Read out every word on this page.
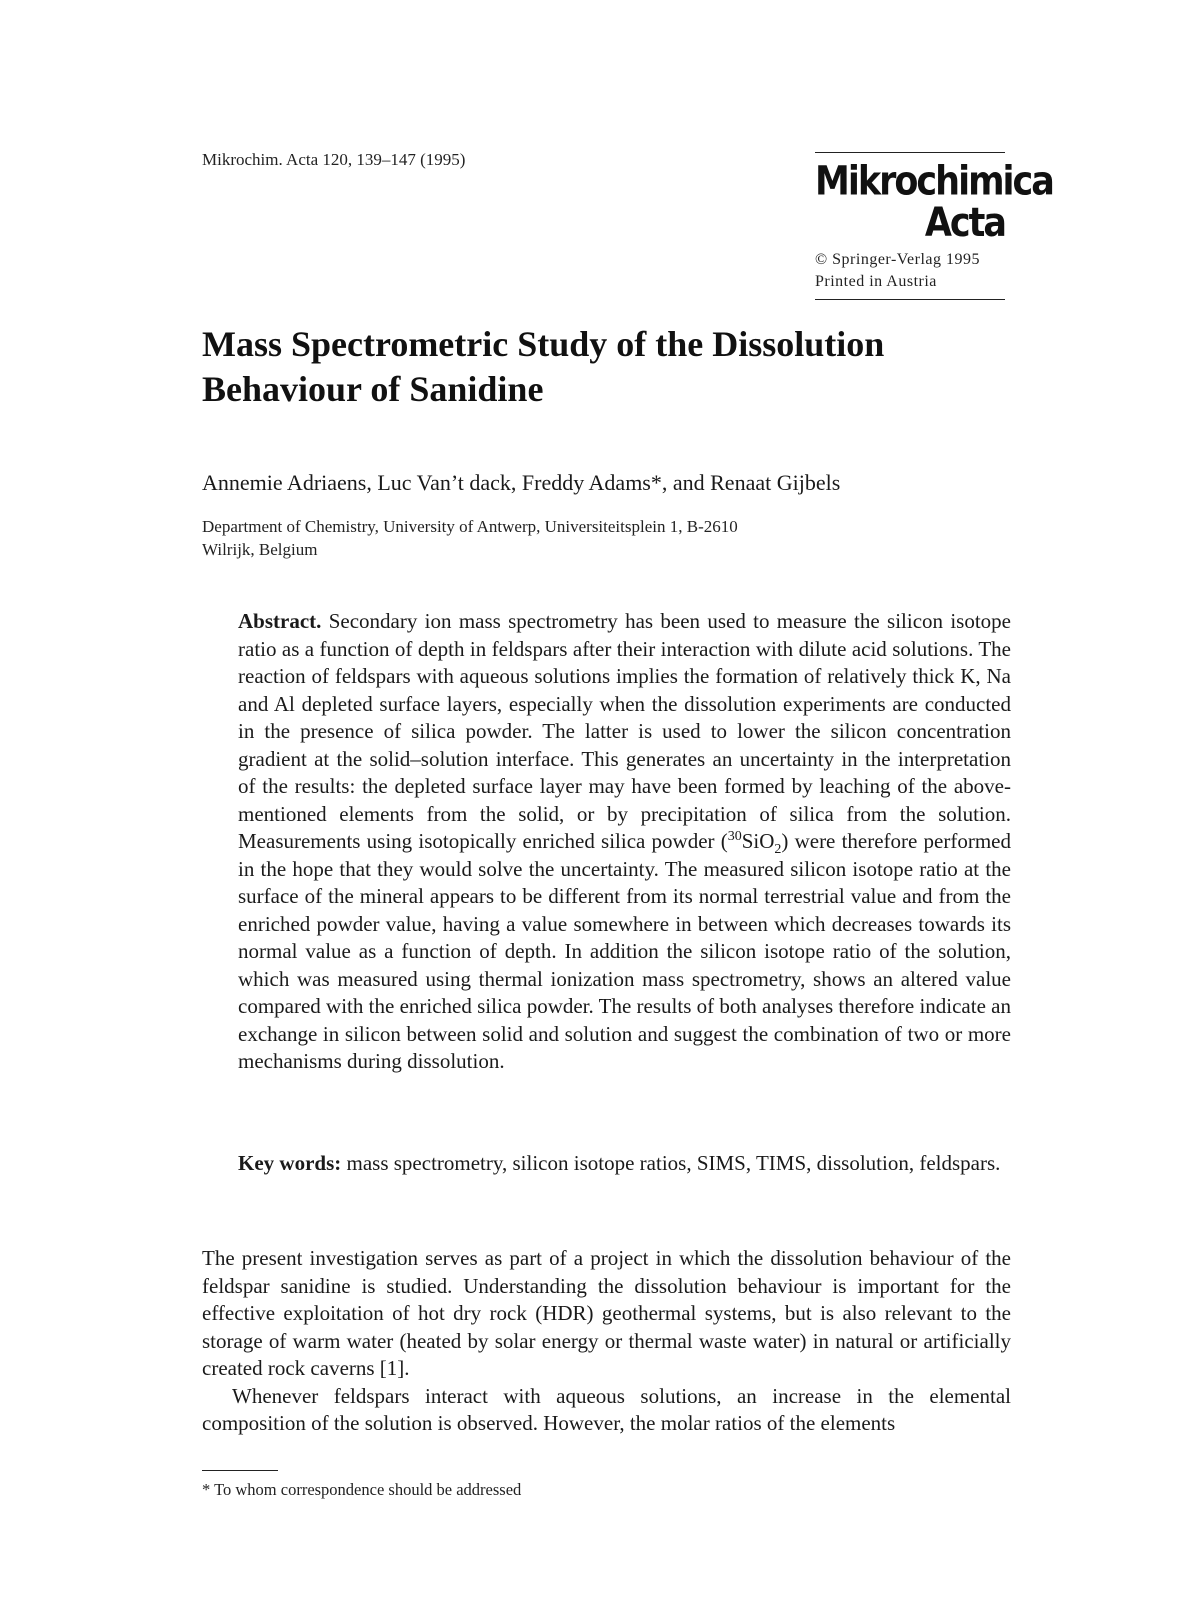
Mikrochim. Acta 120, 139–147 (1995)	Mikrochimica
Acta
© Springer-Verlag 1995
Printed in Austria
Mass Spectrometric Study of the Dissolution
Behaviour of Sanidine
Annemie Adriaens, Luc Van’t dack, Freddy Adams*, and Renaat Gijbels
Department of Chemistry, University of Antwerp, Universiteitsplein 1, B-2610
Wilrijk, Belgium
Abstract. Secondary ion mass spectrometry has been used to measure the silicon isotope ratio as a function of depth in feldspars after their interaction with dilute acid solutions. The reaction of feldspars with aqueous solutions implies the formation of relatively thick K, Na and Al depleted surface layers, especially when the dissolution experiments are conducted in the presence of silica powder. The latter is used to lower the silicon concentration gradient at the solid–solution interface. This generates an uncertainty in the interpretation of the results: the depleted surface layer may have been formed by leaching of the above-mentioned elements from the solid, or by precipitation of silica from the solution. Measurements using isotopically enriched silica powder ($^{30}$SiO$_2$) were therefore performed in the hope that they would solve the uncertainty. The measured silicon isotope ratio at the surface of the mineral appears to be different from its normal terrestrial value and from the enriched powder value, having a value somewhere in between which decreases towards its normal value as a function of depth. In addition the silicon isotope ratio of the solution, which was measured using thermal ionization mass spectrometry, shows an altered value compared with the enriched silica powder. The results of both analyses therefore indicate an exchange in silicon between solid and solution and suggest the combination of two or more mechanisms during dissolution.
Key words: mass spectrometry, silicon isotope ratios, SIMS, TIMS, dissolution, feldspars.

The present investigation serves as part of a project in which the dissolution behaviour of the feldspar sanidine is studied. Understanding the dissolution behaviour is important for the effective exploitation of hot dry rock (HDR) geothermal systems, but is also relevant to the storage of warm water (heated by solar energy or thermal waste water) in natural or artificially created rock caverns [1].

Whenever feldspars interact with aqueous solutions, an increase in the elemental composition of the solution is observed. However, the molar ratios of the elements

* To whom correspondence should be addressed
